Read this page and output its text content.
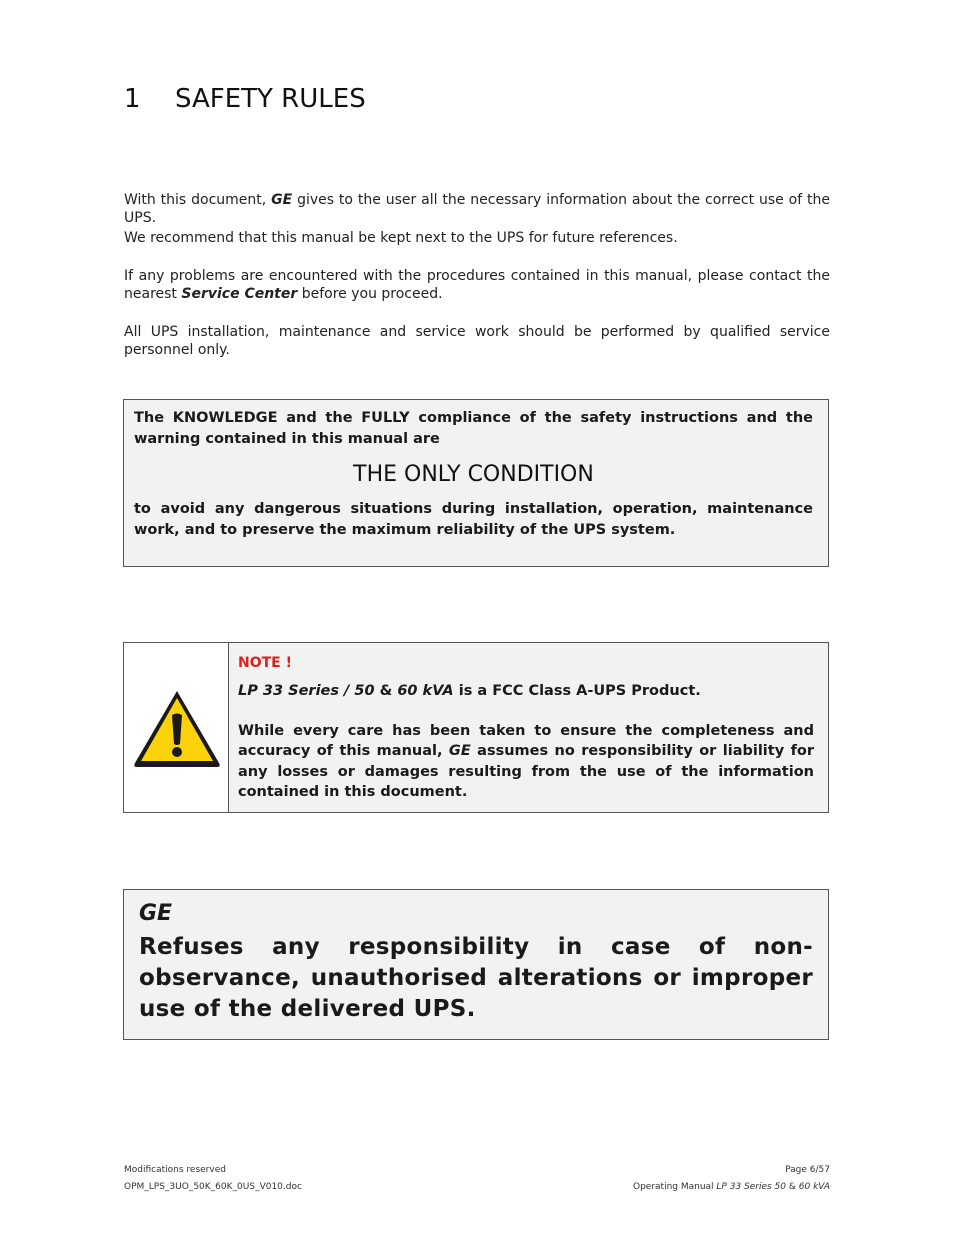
1 SAFETY RULES
With this document, GE gives to the user all the necessary information about the correct use of the UPS.
We recommend that this manual be kept next to the UPS for future references.
If any problems are encountered with the procedures contained in this manual, please contact the nearest Service Center before you proceed.
All UPS installation, maintenance and service work should be performed by qualified service personnel only.
The KNOWLEDGE and the FULLY compliance of the safety instructions and the warning contained in this manual are
THE ONLY CONDITION
to avoid any dangerous situations during installation, operation, maintenance work, and to preserve the maximum reliability of the UPS system.
NOTE !
LP 33 Series / 50 & 60 kVA is a FCC Class A-UPS Product.
While every care has been taken to ensure the completeness and accuracy of this manual, GE assumes no responsibility or liability for any losses or damages resulting from the use of the information contained in this document.
GE
Refuses any responsibility in case of non-observance, unauthorised alterations or improper use of the delivered UPS.
Modifications reserved
OPM_LPS_3UO_50K_60K_0US_V010.doc
Page 6/57
Operating Manual LP 33 Series 50 & 60 kVA
